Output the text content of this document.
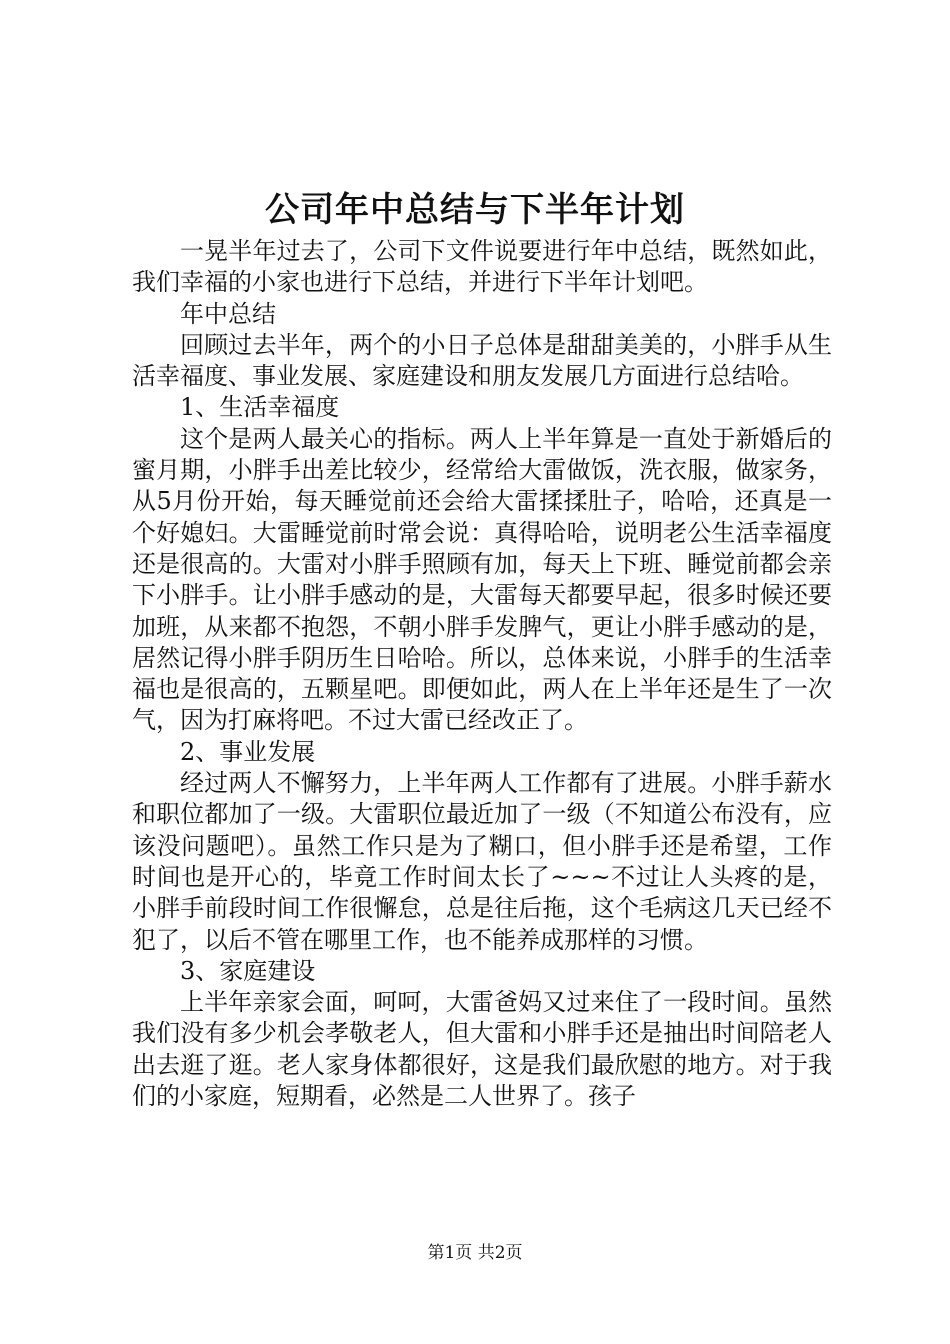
公司年中总结与下半年计划

一晃半年过去了，公司下文件说要进行年中总结，既然如此，我们幸福的小家也进行下总结，并进行下半年计划吧。

年中总结

回顾过去半年，两个的小日子总体是甜甜美美的，小胖手从生活幸福度、事业发展、家庭建设和朋友发展几方面进行总结哈。

1、生活幸福度

这个是两人最关心的指标。两人上半年算是一直处于新婚后的蜜月期，小胖手出差比较少，经常给大雷做饭，洗衣服，做家务，从5月份开始，每天睡觉前还会给大雷揉揉肚子，哈哈，还真是一个好媳妇。大雷睡觉前时常会说：真得哈哈，说明老公生活幸福度还是很高的。大雷对小胖手照顾有加，每天上下班、睡觉前都会亲下小胖手。让小胖手感动的是，大雷每天都要早起，很多时候还要加班，从来都不抱怨，不朝小胖手发脾气，更让小胖手感动的是，居然记得小胖手阴历生日哈哈。所以，总体来说，小胖手的生活幸福也是很高的，五颗星吧。即便如此，两人在上半年还是生了一次气，因为打麻将吧。不过大雷已经改正了。

2、事业发展

经过两人不懈努力，上半年两人工作都有了进展。小胖手薪水和职位都加了一级。大雷职位最近加了一级（不知道公布没有，应该没问题吧）。虽然工作只是为了糊口，但小胖手还是希望，工作时间也是开心的，毕竟工作时间太长了~~~不过让人头疼的是，小胖手前段时间工作很懈怠，总是往后拖，这个毛病这几天已经不犯了，以后不管在哪里工作，也不能养成那样的习惯。

3、家庭建设

上半年亲家会面，呵呵，大雷爸妈又过来住了一段时间。虽然我们没有多少机会孝敬老人，但大雷和小胖手还是抽出时间陪老人出去逛了逛。老人家身体都很好，这是我们最欣慰的地方。对于我们的小家庭，短期看，必然是二人世界了。孩子

第1页 共2页
